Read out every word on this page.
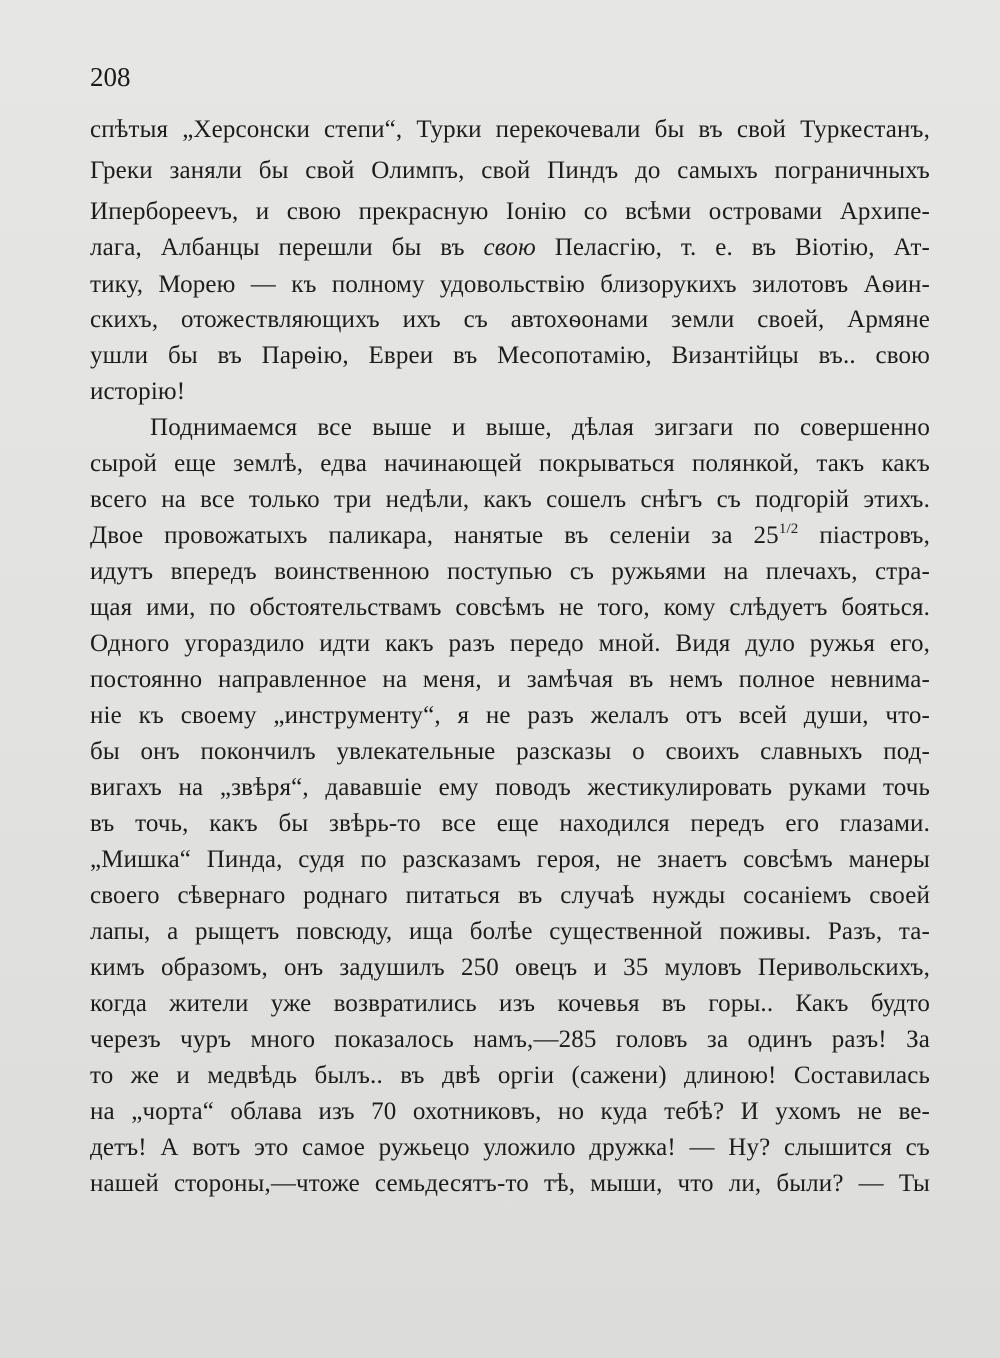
208

спѣтыя „Херсонски степи“, Турки перекочевали бы въ свой Туркестанъ,
Греки заняли бы свой Олимпъ, свой Пиндъ до самыхъ пограничныхъ
Иперборееvъ, и свою прекрасную Іонію со всѣми островами Архипе-
лага, Албанцы перешли бы въ свою Пеласгію, т. е. въ Віотію, Ат-
тику, Морею — къ полному удовольствію близорукихъ зилотовъ Аѳин-
скихъ, отожествляющихъ ихъ съ автохѳонами земли своей, Армяне
ушли бы въ Парѳію, Евреи въ Месопотамію, Византійцы въ.. свою
исторію!
Поднимаемся все выше и выше, дѣлая зигзаги по совершенно
сырой еще землѣ, едва начинающей покрываться полянкой, такъ какъ
всего на все только три недѣли, какъ сошелъ снѣгъ съ подгорій этихъ.
Двое провожатыхъ паликара, нанятые въ селеніи за $25^{1/2}$ піастровъ,
идутъ впередъ воинственною поступью съ ружьями на плечахъ, стра-
щая ими, по обстоятельствамъ совсѣмъ не того, кому слѣдуетъ бояться.
Одного угораздило идти какъ разъ передо мной. Видя дуло ружья его,
постоянно направленное на меня, и замѣчая въ немъ полное невнима-
ніе къ своему „инструменту“, я не разъ желалъ отъ всей души, что-
бы онъ покончилъ увлекательные разсказы о своихъ славныхъ под-
вигахъ на „звѣря“, дававшіе ему поводъ жестикулировать руками точь
въ точь, какъ бы звѣрь-то все еще находился передъ его глазами.
„Мишка“ Пинда, судя по разсказамъ героя, не знаетъ совсѣмъ манеры
своего сѣвернаго роднаго питаться въ случаѣ нужды сосаніемъ своей
лапы, а рыщетъ повсюду, ища болѣе существенной поживы. Разъ, та-
кимъ образомъ, онъ задушилъ 250 овецъ и 35 муловъ Перивольскихъ,
когда жители уже возвратились изъ кочевья въ горы.. Какъ будто
черезъ чуръ много показалось намъ,—285 головъ за одинъ разъ! За
то же и медвѣдь былъ.. въ двѣ оргіи (сажени) длиною! Составилась
на „чорта“ облава изъ 70 охотниковъ, но куда тебѣ? И ухомъ не ве-
детъ! А вотъ это самое ружьецо уложило дружка! — Ну? слышится съ
нашей стороны,—чтоже семьдесятъ-то тѣ, мыши, что ли, были? — Ты
